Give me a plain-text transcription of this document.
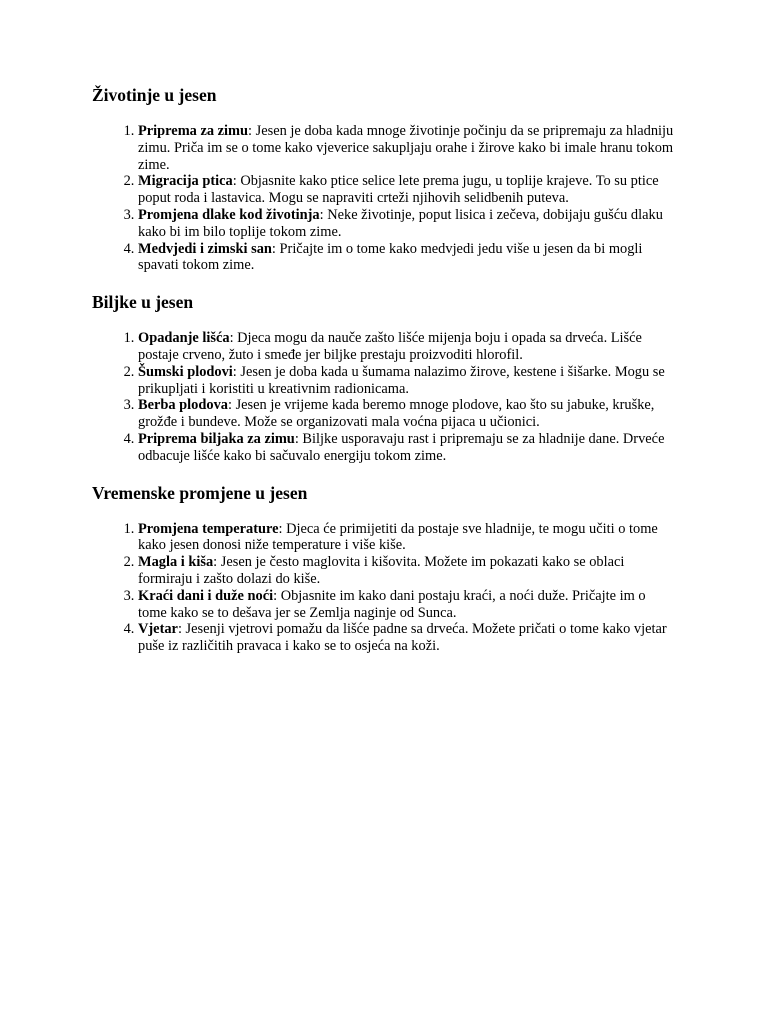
Životinje u jesen
1. Priprema za zimu: Jesen je doba kada mnoge životinje počinju da se pripremaju za hladniju zimu. Priča im se o tome kako vjeverice sakupljaju orahe i žirove kako bi imale hranu tokom zime.
2. Migracija ptica: Objasnite kako ptice selice lete prema jugu, u toplije krajeve. To su ptice poput roda i lastavica. Mogu se napraviti crteži njihovih selidbenih puteva.
3. Promjena dlake kod životinja: Neke životinje, poput lisica i zečeva, dobijaju gušću dlaku kako bi im bilo toplije tokom zime.
4. Medvjedi i zimski san: Pričajte im o tome kako medvjedi jedu više u jesen da bi mogli spavati tokom zime.
Biljke u jesen
1. Opadanje lišća: Djeca mogu da nauče zašto lišće mijenja boju i opada sa drveća. Lišće postaje crveno, žuto i smeđe jer biljke prestaju proizvoditi hlorofil.
2. Šumski plodovi: Jesen je doba kada u šumama nalazimo žirove, kestene i šišarke. Mogu se prikupljati i koristiti u kreativnim radionicama.
3. Berba plodova: Jesen je vrijeme kada beremo mnoge plodove, kao što su jabuke, kruške, grožđe i bundeve. Može se organizovati mala voćna pijaca u učionici.
4. Priprema biljaka za zimu: Biljke usporavaju rast i pripremaju se za hladnije dane. Drveće odbacuje lišće kako bi sačuvalo energiju tokom zime.
Vremenske promjene u jesen
1. Promjena temperature: Djeca će primijetiti da postaje sve hladnije, te mogu učiti o tome kako jesen donosi niže temperature i više kiše.
2. Magla i kiša: Jesen je često maglovita i kišovita. Možete im pokazati kako se oblaci formiraju i zašto dolazi do kiše.
3. Kraći dani i duže noći: Objasnite im kako dani postaju kraći, a noći duže. Pričajte im o tome kako se to dešava jer se Zemlja naginje od Sunca.
4. Vjetar: Jesenji vjetrovi pomažu da lišće padne sa drveća. Možete pričati o tome kako vjetar puše iz različitih pravaca i kako se to osjeća na koži.
